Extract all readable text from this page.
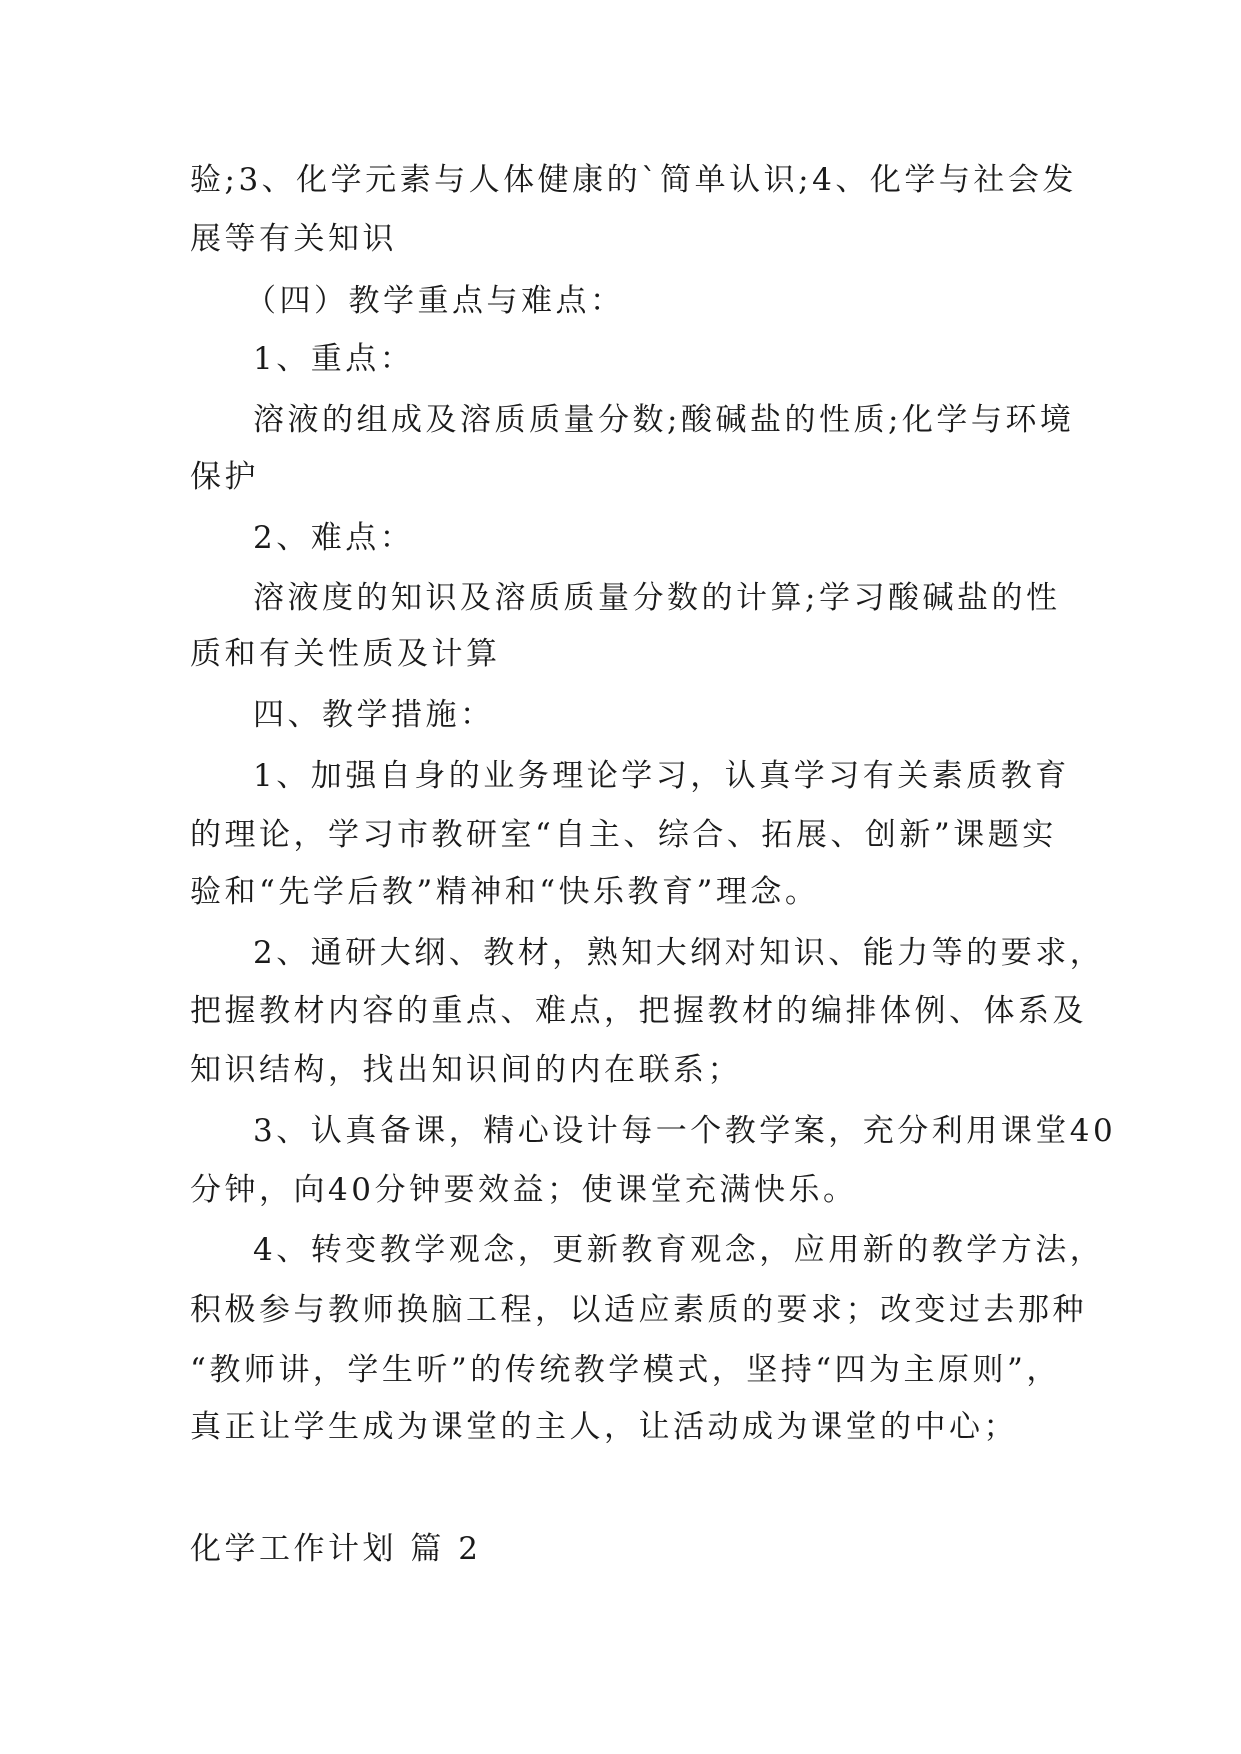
验;3、化学元素与人体健康的`简单认识;4、化学与社会发
展等有关知识
（四）教学重点与难点：
1、重点：
溶液的组成及溶质质量分数;酸碱盐的性质;化学与环境
保护
2、难点：
溶液度的知识及溶质质量分数的计算;学习酸碱盐的性
质和有关性质及计算
四、教学措施：
1、加强自身的业务理论学习，认真学习有关素质教育
的理论，学习市教研室“自主、综合、拓展、创新”课题实
验和“先学后教”精神和“快乐教育”理念。
2、通研大纲、教材，熟知大纲对知识、能力等的要求，
把握教材内容的重点、难点，把握教材的编排体例、体系及
知识结构，找出知识间的内在联系；
3、认真备课，精心设计每一个教学案，充分利用课堂40
分钟，向40分钟要效益；使课堂充满快乐。
4、转变教学观念，更新教育观念，应用新的教学方法，
积极参与教师换脑工程，以适应素质的要求；改变过去那种
“教师讲，学生听”的传统教学模式，坚持“四为主原则”，
真正让学生成为课堂的主人，让活动成为课堂的中心；
化学工作计划 篇 2
